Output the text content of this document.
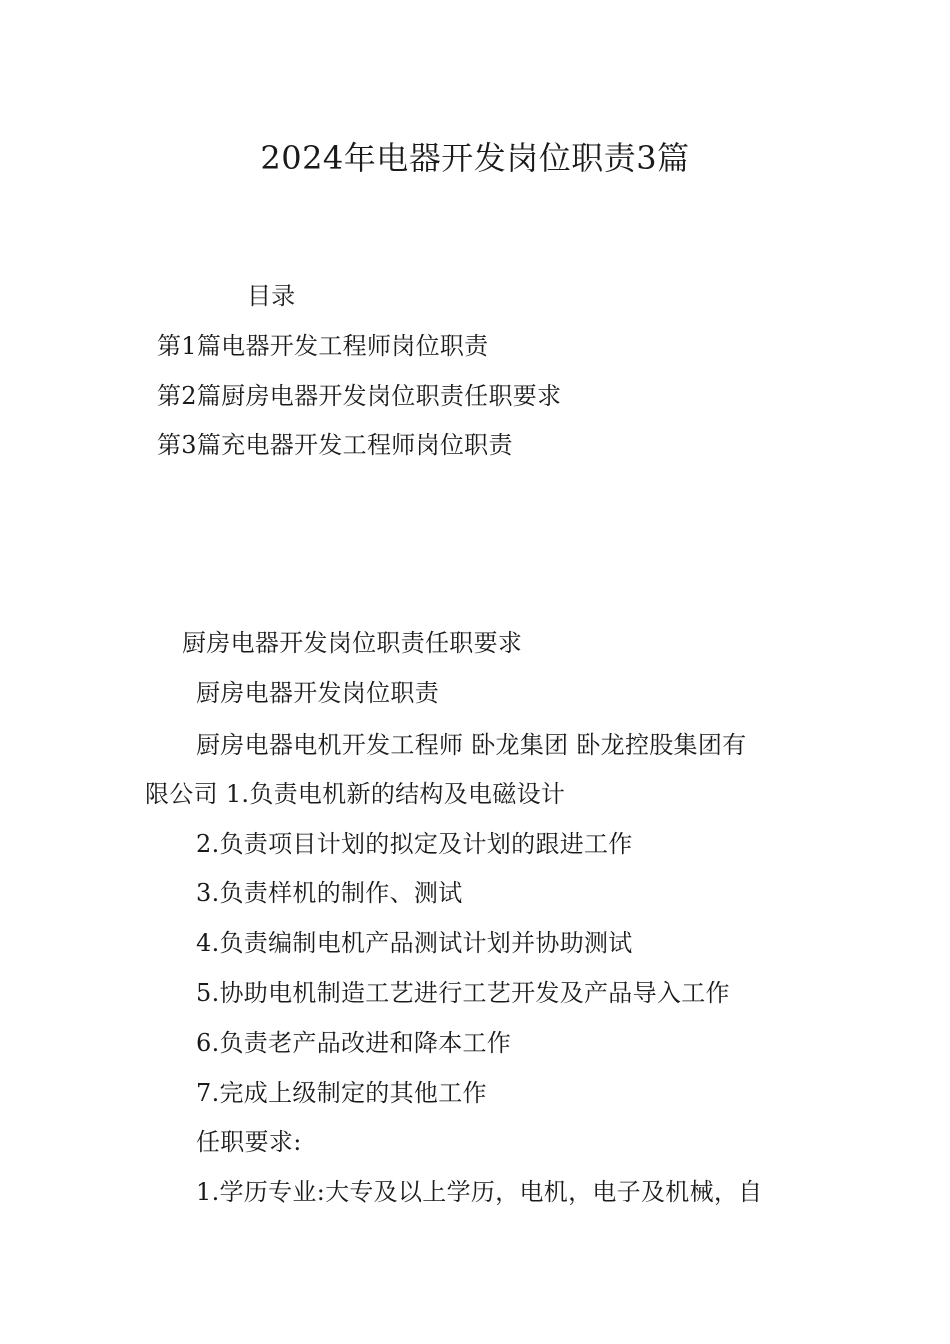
2024年电器开发岗位职责3篇
目录
第1篇电器开发工程师岗位职责
第2篇厨房电器开发岗位职责任职要求
第3篇充电器开发工程师岗位职责
厨房电器开发岗位职责任职要求
厨房电器开发岗位职责
厨房电器电机开发工程师 卧龙集团 卧龙控股集团有
限公司 1.负责电机新的结构及电磁设计
2.负责项目计划的拟定及计划的跟进工作
3.负责样机的制作、测试
4.负责编制电机产品测试计划并协助测试
5.协助电机制造工艺进行工艺开发及产品导入工作
6.负责老产品改进和降本工作
7.完成上级制定的其他工作
任职要求:
1.学历专业:大专及以上学历，电机，电子及机械，自
